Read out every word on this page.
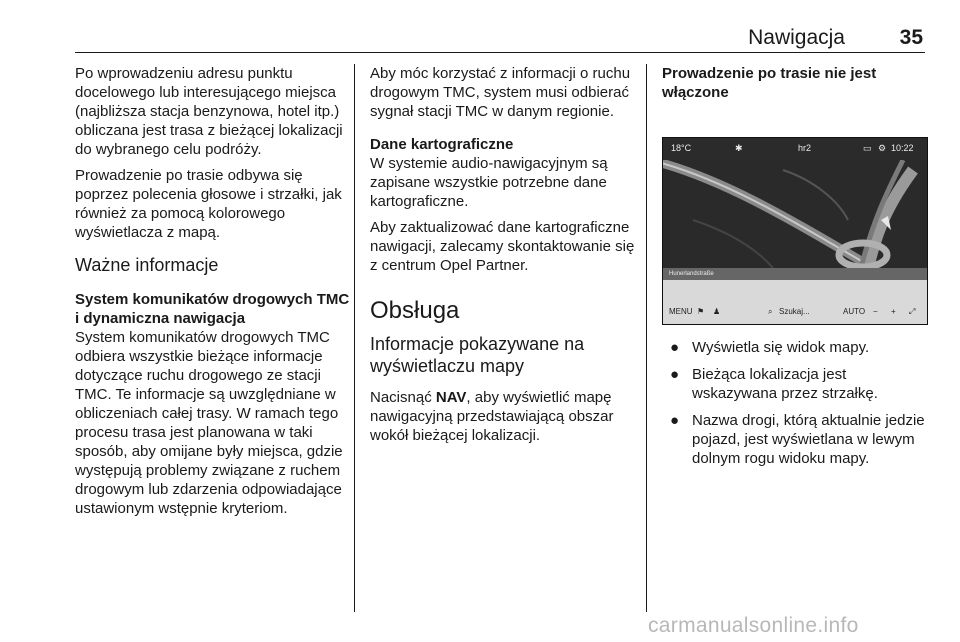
Nawigacja	35

Po wprowadzeniu adresu punktu docelowego lub interesującego miejsca (najbliższa stacja benzynowa, hotel itp.) obliczana jest trasa z bieżącej lokalizacji do wybranego celu podróży.

Prowadzenie po trasie odbywa się poprzez polecenia głosowe i strzałki, jak również za pomocą kolorowego wyświetlacza z mapą.

Ważne informacje
System komunikatów drogowych TMC i dynamiczna nawigacja

System komunikatów drogowych TMC odbiera wszystkie bieżące informacje dotyczące ruchu drogowego ze stacji TMC. Te informacje są uwzględniane w obliczeniach całej trasy. W ramach tego procesu trasa jest planowana w taki sposób, aby omijane były miejsca, gdzie występują problemy związane z ruchem drogowym lub zdarzenia odpowiadające ustawionym wstępnie kryteriom.

Aby móc korzystać z informacji o ruchu drogowym TMC, system musi odbierać sygnał stacji TMC w danym regionie.

Dane kartograficzne

W systemie audio-nawigacyjnym są zapisane wszystkie potrzebne dane kartograficzne.

Aby zaktualizować dane kartograficzne nawigacji, zalecamy skontaktowanie się z centrum Opel Partner.

Obsługa
Informacje pokazywane na wyświetlaczu mapy

Nacisnąć NAV, aby wyświetlić mapę nawigacyjną przedstawiającą obszar wokół bieżącej lokalizacji.

Prowadzenie po trasie nie jest włączone
18°C	✱	hr2	▭ ⚙ 10:22
Hunerlandstraße
MENU ⚑ ♟	⌕ Szukaj...	AUTO − + ⤢
● Wyświetla się widok mapy.
● Bieżąca lokalizacja jest wskazywana przez strzałkę.
● Nazwa drogi, którą aktualnie jedzie pojazd, jest wyświetlana w lewym dolnym rogu widoku mapy.
carmanualsonline.info
